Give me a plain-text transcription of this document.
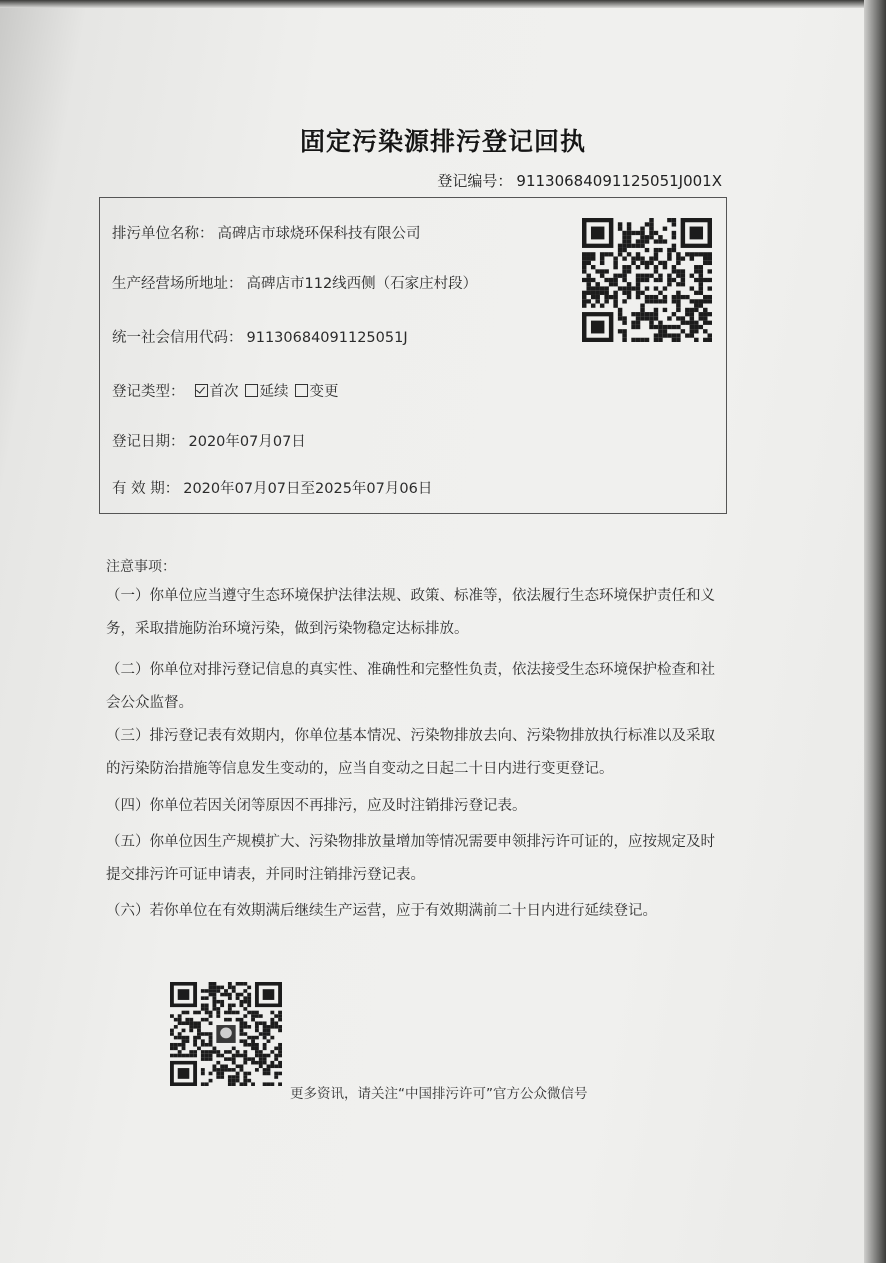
固定污染源排污登记回执
登记编号： 91130684091125051J001X
排污单位名称： 高碑店市球烧环保科技有限公司
生产经营场所地址： 高碑店市112线西侧（石家庄村段）
统一社会信用代码： 91130684091125051J
登记类型： 首次 延续 变更
登记日期： 2020年07月07日
有 效 期： 2020年07月07日至2025年07月06日
注意事项：
（一）你单位应当遵守生态环境保护法律法规、政策、标准等，依法履行生态环境保护责任和义务，采取措施防治环境污染，做到污染物稳定达标排放。
（二）你单位对排污登记信息的真实性、准确性和完整性负责，依法接受生态环境保护检查和社会公众监督。
（三）排污登记表有效期内，你单位基本情况、污染物排放去向、污染物排放执行标准以及采取的污染防治措施等信息发生变动的，应当自变动之日起二十日内进行变更登记。
（四）你单位若因关闭等原因不再排污，应及时注销排污登记表。
（五）你单位因生产规模扩大、污染物排放量增加等情况需要申领排污许可证的，应按规定及时提交排污许可证申请表，并同时注销排污登记表。
（六）若你单位在有效期满后继续生产运营，应于有效期满前二十日内进行延续登记。
更多资讯，请关注“中国排污许可”官方公众微信号
